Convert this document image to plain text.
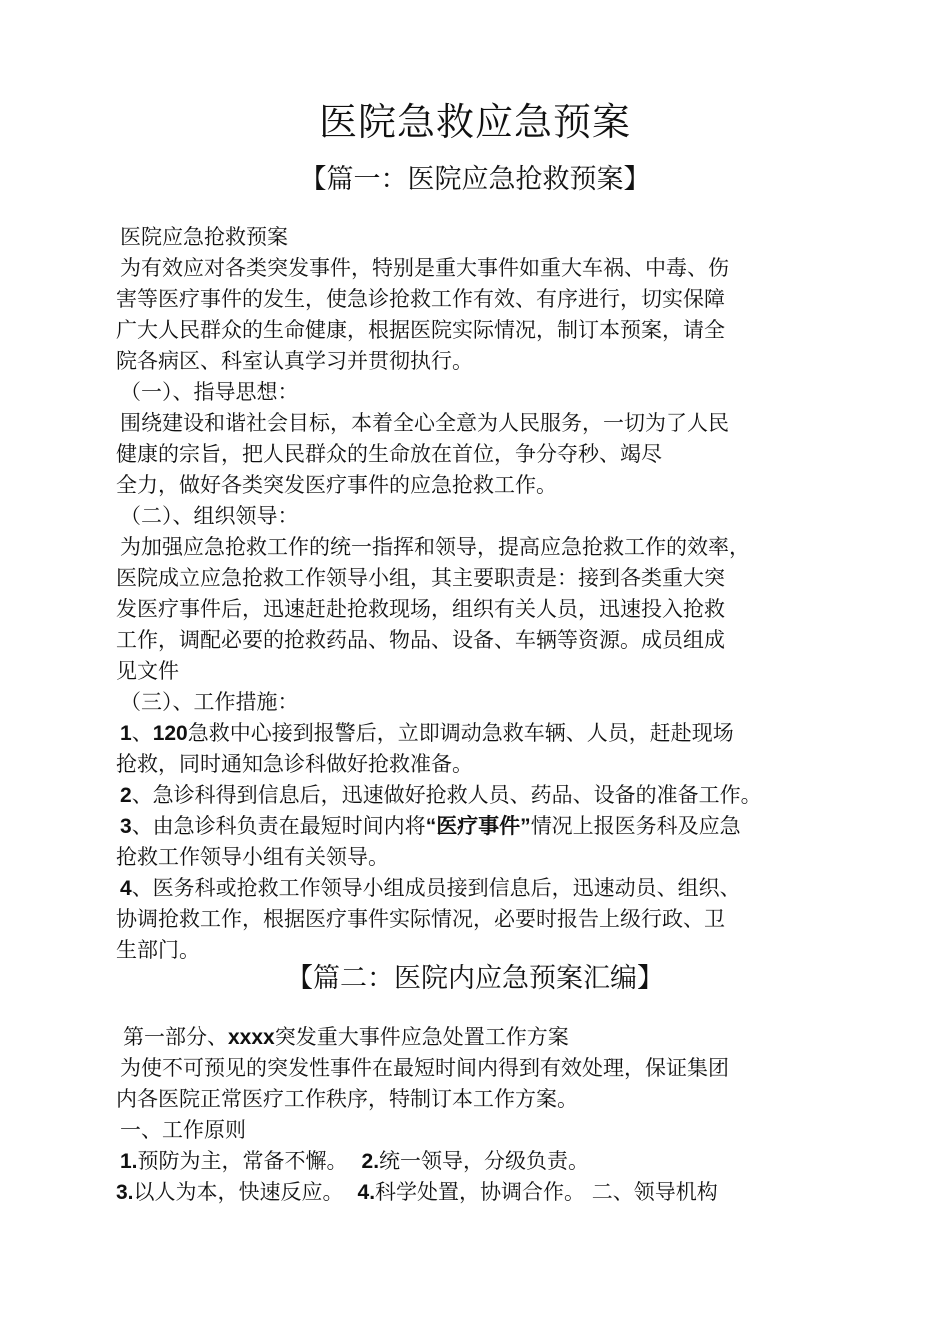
医院急救应急预案
【篇一：医院应急抢救预案】
医院应急抢救预案
为有效应对各类突发事件，特别是重大事件如重大车祸、中毒、伤
害等医疗事件的发生，使急诊抢救工作有效、有序进行，切实保障
广大人民群众的生命健康，根据医院实际情况，制订本预案，请全
院各病区、科室认真学习并贯彻执行。
（一）、指导思想：
围绕建设和谐社会目标，本着全心全意为人民服务，一切为了人民
健康的宗旨，把人民群众的生命放在首位，争分夺秒、竭尽
全力，做好各类突发医疗事件的应急抢救工作。
（二）、组织领导：
为加强应急抢救工作的统一指挥和领导，提高应急抢救工作的效率，
医院成立应急抢救工作领导小组，其主要职责是：接到各类重大突
发医疗事件后，迅速赶赴抢救现场，组织有关人员，迅速投入抢救
工作，调配必要的抢救药品、物品、设备、车辆等资源。成员组成
见文件
（三）、工作措施：
1、120急救中心接到报警后，立即调动急救车辆、人员，赶赴现场
抢救，同时通知急诊科做好抢救准备。
2、急诊科得到信息后，迅速做好抢救人员、药品、设备的准备工作。
3、由急诊科负责在最短时间内将“医疗事件”情况上报医务科及应急
抢救工作领导小组有关领导。
4、医务科或抢救工作领导小组成员接到信息后，迅速动员、组织、
协调抢救工作，根据医疗事件实际情况，必要时报告上级行政、卫
生部门。
【篇二：医院内应急预案汇编】
第一部分、xxxx突发重大事件应急处置工作方案
为使不可预见的突发性事件在最短时间内得到有效处理，保证集团
内各医院正常医疗工作秩序，特制订本工作方案。
一、工作原则
1.预防为主，常备不懈。 2.统一领导，分级负责。
3.以人为本，快速反应。 4.科学处置，协调合作。 二、领导机构
